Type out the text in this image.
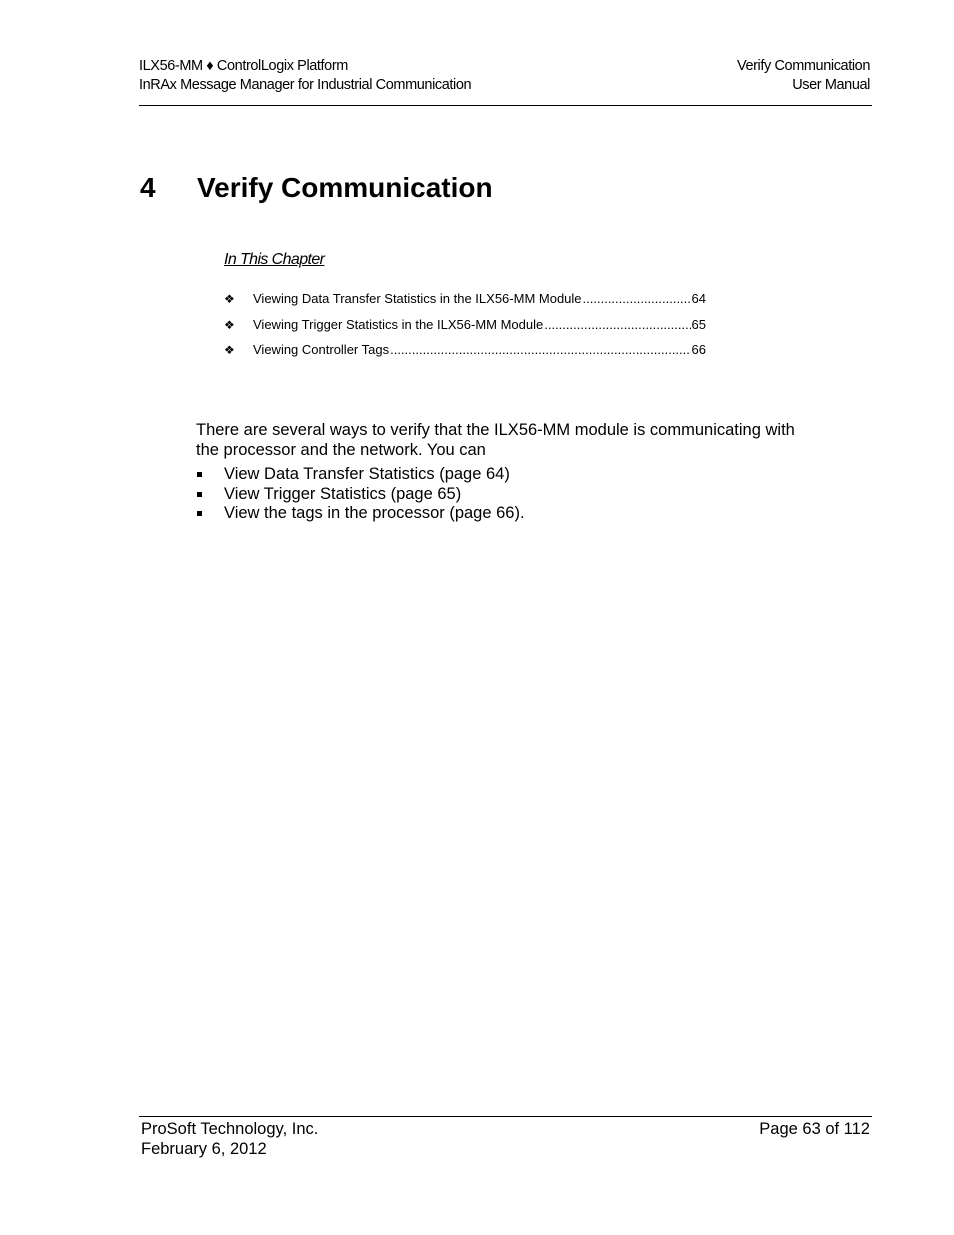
ILX56-MM ♦ ControlLogix Platform
InRAx Message Manager for Industrial Communication
Verify Communication
User Manual
4 Verify Communication
In This Chapter
❖	Viewing Data Transfer Statistics in the ILX56-MM Module .....	64
❖	Viewing Trigger Statistics in the ILX56-MM Module .....	65
❖	Viewing Controller Tags .....	66
There are several ways to verify that the ILX56-MM module is communicating with the processor and the network. You can
View Data Transfer Statistics (page 64)
View Trigger Statistics (page 65)
View the tags in the processor (page 66).
ProSoft Technology, Inc.
February 6, 2012
Page 63 of 112
